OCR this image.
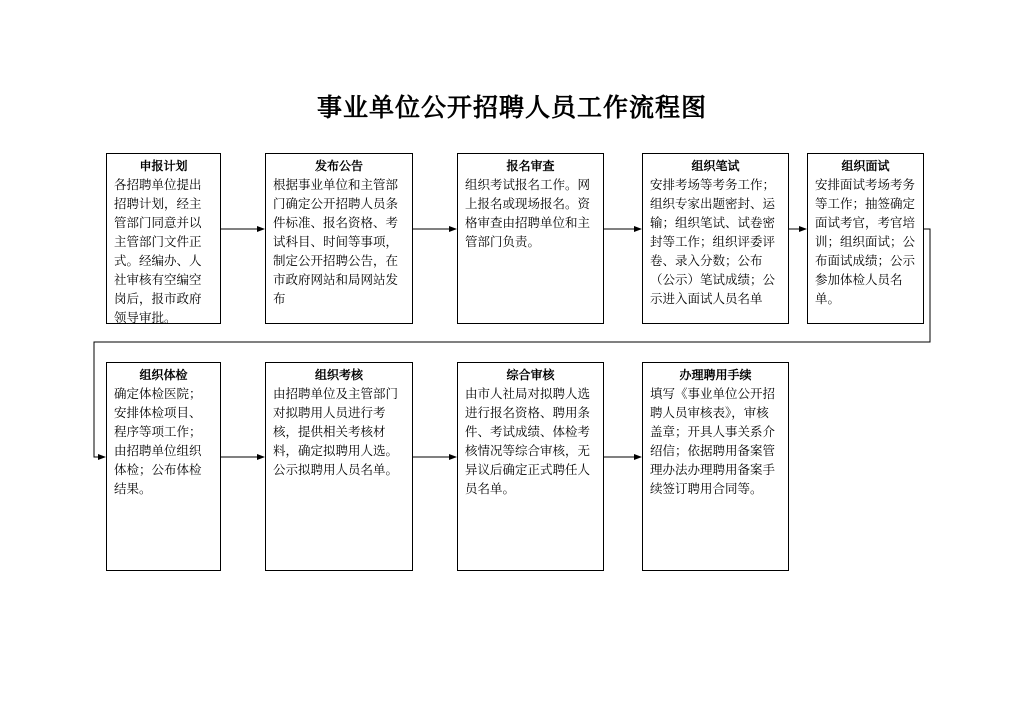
事业单位公开招聘人员工作流程图
申报计划
各招聘单位提出招聘计划，经主管部门同意并以主管部门文件正式。经编办、人社审核有空编空岗后，报市政府领导审批。
发布公告
根据事业单位和主管部门确定公开招聘人员条件标准、报名资格、考试科目、时间等事项，制定公开招聘公告，在市政府网站和局网站发布
报名审查
组织考试报名工作。网上报名或现场报名。资格审查由招聘单位和主管部门负责。
组织笔试
安排考场等考务工作；组织专家出题密封、运输；组织笔试、试卷密封等工作；组织评委评卷、录入分数；公布（公示）笔试成绩；公示进入面试人员名单
组织面试
安排面试考场考务等工作；抽签确定面试考官，考官培训；组织面试；公布面试成绩；公示参加体检人员名单。
组织体检
确定体检医院；安排体检项目、程序等项工作；由招聘单位组织体检；公布体检结果。
组织考核
由招聘单位及主管部门对拟聘用人员进行考核，提供相关考核材料，确定拟聘用人选。公示拟聘用人员名单。
综合审核
由市人社局对拟聘人选进行报名资格、聘用条件、考试成绩、体检考核情况等综合审核，无异议后确定正式聘任人员名单。
办理聘用手续
填写《事业单位公开招聘人员审核表》，审核盖章；开具人事关系介绍信；依据聘用备案管理办法办理聘用备案手续签订聘用合同等。
